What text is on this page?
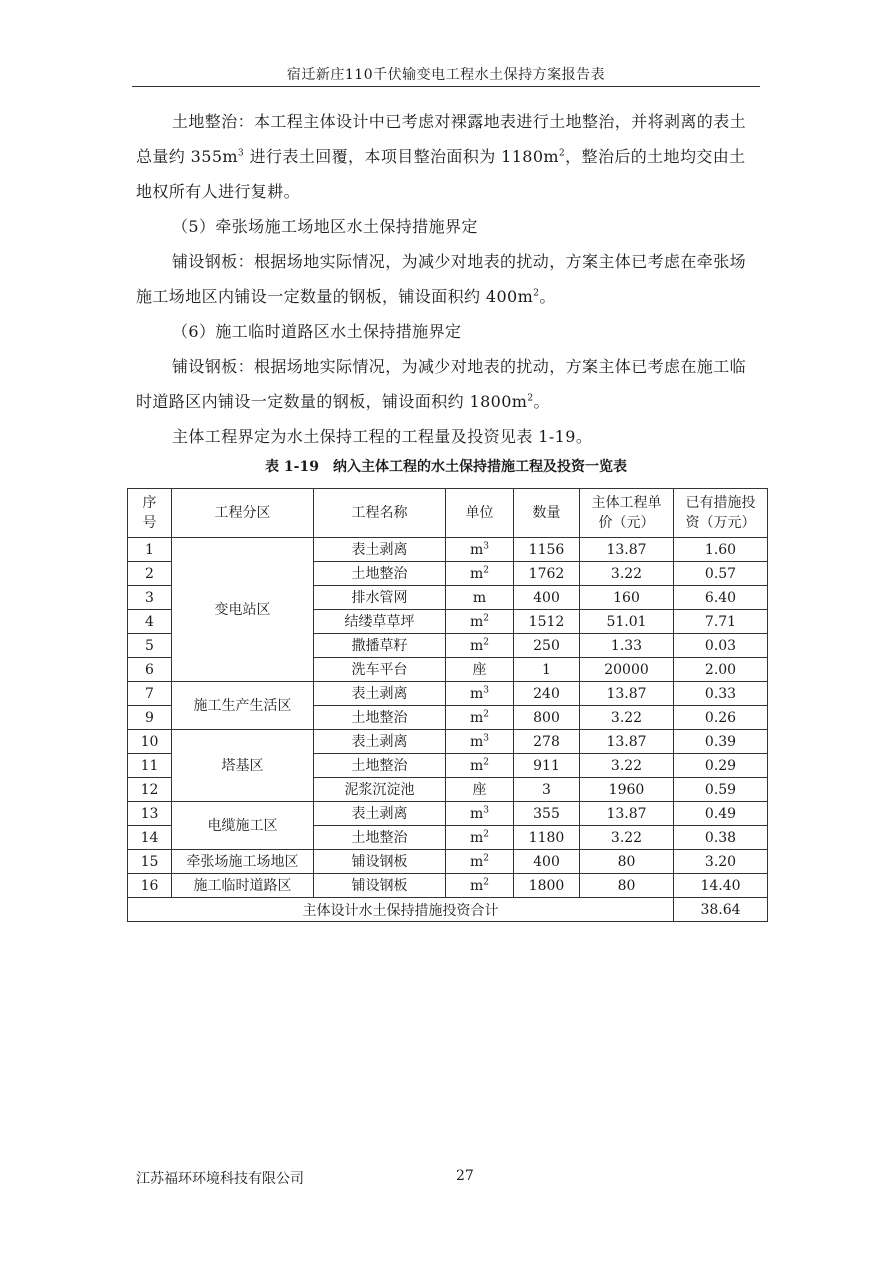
宿迁新庄110千伏输变电工程水土保持方案报告表

土地整治：本工程主体设计中已考虑对裸露地表进行土地整治，并将剥离的表土总量约 $355m^3$ 进行表土回覆，本项目整治面积为 $1180m^2$，整治后的土地均交由土地权所有人进行复耕。

（5）牵张场施工场地区水土保持措施界定

铺设钢板：根据场地实际情况，为减少对地表的扰动，方案主体已考虑在牵张场施工场地区内铺设一定数量的钢板，铺设面积约 $400m^2$。

（6）施工临时道路区水土保持措施界定

铺设钢板：根据场地实际情况，为减少对地表的扰动，方案主体已考虑在施工临时道路区内铺设一定数量的钢板，铺设面积约 $1800m^2$。

主体工程界定为水土保持工程的工程量及投资见表 1-19。

表 1-19　纳入主体工程的水土保持措施工程及投资一览表
序
号	工程分区	工程名称	单位	数量	主体工程单
价（元）	已有措施投
资（万元）
1	变电站区	表土剥离	$m^3$	1156	13.87	1.60
2		土地整治	$m^2$	1762	3.22	0.57
3		排水管网	m	400	160	6.40
4		结缕草草坪	$m^2$	1512	51.01	7.71
5		撒播草籽	$m^2$	250	1.33	0.03
6		洗车平台	座	1	20000	2.00
7	施工生产生活区	表土剥离	$m^3$	240	13.87	0.33
9		土地整治	$m^2$	800	3.22	0.26
10	塔基区	表土剥离	$m^3$	278	13.87	0.39
11		土地整治	$m^2$	911	3.22	0.29
12		泥浆沉淀池	座	3	1960	0.59
13	电缆施工区	表土剥离	$m^3$	355	13.87	0.49
14		土地整治	$m^2$	1180	3.22	0.38
15	牵张场施工场地区	铺设钢板	$m^2$	400	80	3.20
16	施工临时道路区	铺设钢板	$m^2$	1800	80	14.40
主体设计水土保持措施投资合计						38.64
江苏福环环境科技有限公司	27
